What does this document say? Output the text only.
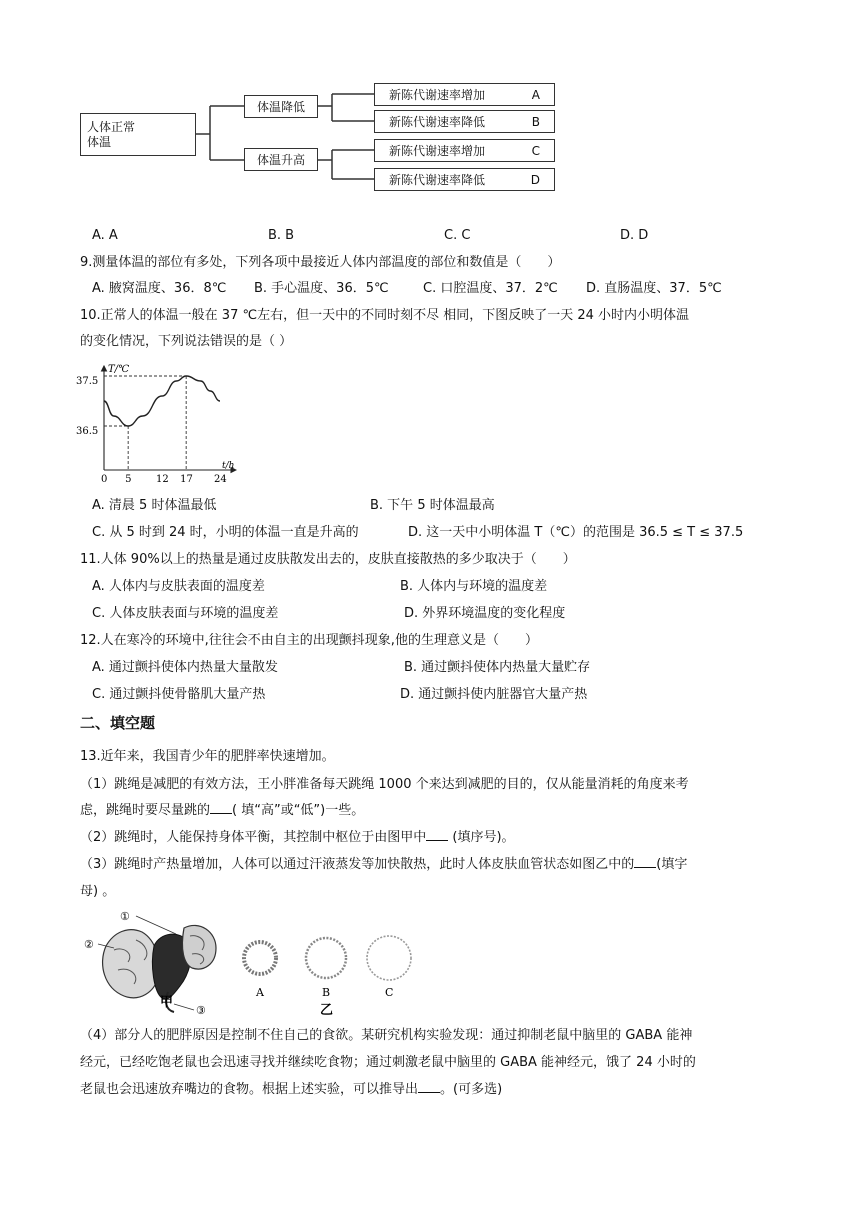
人体正常
体温
体温降低
体温升高
新陈代谢速率增加	A
新陈代谢速率降低	B
新陈代谢速率增加	C
新陈代谢速率降低	D
A. A	B. B	C. C	D. D
9.测量体温的部位有多处，下列各项中最接近人体内部温度的部位和数值是（　　）
A. 腋窝温度、36．8℃ B. 手心温度、36．5℃	C. 口腔温度、37．2℃ D. 直肠温度、37．5℃
10.正常人的体温一般在 37 ℃左右，但一天中的不同时刻不尽 相同，下图反映了一天 24 小时内小明体温
的变化情况，下列说法错误的是（ ）
T/℃
t/h
37.5
36.5
0 5 12 17 24
A. 清晨 5 时体温最低	B. 下午 5 时体温最高
C. 从 5 时到 24 时，小明的体温一直是升高的	D. 这一天中小明体温 T（℃）的范围是 36.5 ≤ T ≤ 37.5
11.人体 90%以上的热量是通过皮肤散发出去的，皮肤直接散热的多少取决于（　　）
A. 人体内与皮肤表面的温度差	B. 人体内与环境的温度差
C. 人体皮肤表面与环境的温度差	D. 外界环境温度的变化程度
12.人在寒冷的环境中,往往会不由自主的出现颤抖现象,他的生理意义是（　　）
A. 通过颤抖使体内热量大量散发	B. 通过颤抖使体内热量大量贮存
C. 通过颤抖使骨骼肌大量产热	D. 通过颤抖使内脏器官大量产热
二、填空题
13.近年来，我国青少年的肥胖率快速增加。
（1）跳绳是减肥的有效方法，王小胖准备每天跳绳 1000 个来达到减肥的目的，仅从能量消耗的角度来考
虑，跳绳时要尽量跳的 ( 填“高”或“低”)一些。
（2）跳绳时，人能保持身体平衡，其控制中枢位于由图甲中 (填序号)。
（3）跳绳时产热量增加，人体可以通过汗液蒸发等加快散热，此时人体皮肤血管状态如图乙中的 (填字
母) 。
①
②
③
甲
A	B	C
乙
（4）部分人的肥胖原因是控制不住自己的食欲。某研究机构实验发现：通过抑制老鼠中脑里的 GABA 能神
经元，已经吃饱老鼠也会迅速寻找并继续吃食物；通过刺激老鼠中脑里的 GABA 能神经元，饿了 24 小时的
老鼠也会迅速放弃嘴边的食物。根据上述实验，可以推导出 。(可多选)
